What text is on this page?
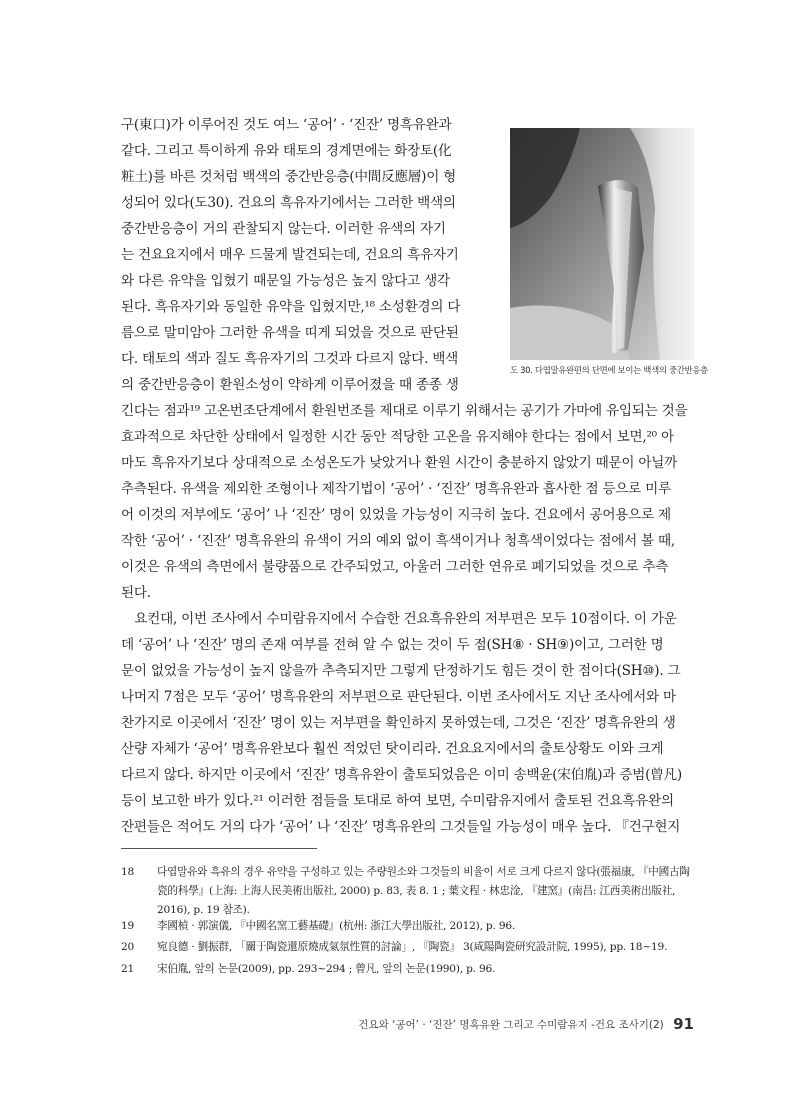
구(東口)가 이루어진 것도 여느 ‘공어’ · ‘진잔’ 명흑유완과
같다. 그리고 특이하게 유와 태토의 경계면에는 화장토(化
粧土)를 바른 것처럼 백색의 중간반응층(中間反應層)이 형
성되어 있다(도30). 건요의 흑유자기에서는 그러한 백색의
중간반응층이 거의 관찰되지 않는다. 이러한 유색의 자기
는 건요요지에서 매우 드물게 발견되는데, 건요의 흑유자기
와 다른 유약을 입혔기 때문일 가능성은 높지 않다고 생각
된다. 흑유자기와 동일한 유약을 입혔지만,¹⁸ 소성환경의 다
름으로 말미암아 그러한 유색을 띠게 되었을 것으로 판단된
다. 태토의 색과 질도 흑유자기의 그것과 다르지 않다. 백색
의 중간반응층이 환원소성이 약하게 이루어졌을 때 종종 생
긴다는 점과¹⁹ 고온번조단계에서 환원번조를 제대로 이루기 위해서는 공기가 가마에 유입되는 것을
효과적으로 차단한 상태에서 일정한 시간 동안 적당한 고온을 유지해야 한다는 점에서 보면,²⁰ 아
마도 흑유자기보다 상대적으로 소성온도가 낮았거나 환원 시간이 충분하지 않았기 때문이 아닐까
추측된다. 유색을 제외한 조형이나 제작기법이 ‘공어’ · ‘진잔’ 명흑유완과 흡사한 점 등으로 미루
어 이것의 저부에도 ‘공어’ 나 ‘진잔’ 명이 있었을 가능성이 지극히 높다. 건요에서 공어용으로 제
작한 ‘공어’ · ‘진잔’ 명흑유완의 유색이 거의 예외 없이 흑색이거나 청흑색이었다는 점에서 볼 때,
이것은 유색의 측면에서 불량품으로 간주되었고, 아울러 그러한 연유로 폐기되었을 것으로 추측
된다.
　요컨대, 이번 조사에서 수미람유지에서 수습한 건요흑유완의 저부편은 모두 10점이다. 이 가운
데 ‘공어’ 나 ‘진잔’ 명의 존재 여부를 전혀 알 수 없는 것이 두 점(SH⑧ · SH⑨)이고, 그러한 명
문이 없었을 가능성이 높지 않을까 추측되지만 그렇게 단정하기도 힘든 것이 한 점이다(SH⑩). 그
나머지 7점은 모두 ‘공어’ 명흑유완의 저부편으로 판단된다. 이번 조사에서도 지난 조사에서와 마
찬가지로 이곳에서 ‘진잔’ 명이 있는 저부편을 확인하지 못하였는데, 그것은 ‘진잔’ 명흑유완의 생
산량 자체가 ‘공어’ 명흑유완보다 훨씬 적었던 탓이리라. 건요요지에서의 출토상황도 이와 크게
다르지 않다. 하지만 이곳에서 ‘진잔’ 명흑유완이 출토되었음은 이미 송백윤(宋伯胤)과 증범(曾凡)
등이 보고한 바가 있다.²¹ 이러한 점들을 토대로 하여 보면, 수미람유지에서 출토된 건요흑유완의
잔편들은 적어도 거의 다가 ‘공어’ 나 ‘진잔’ 명흑유완의 그것들일 가능성이 매우 높다. 『건구현지
도 30. 다엽말유완편의 단면에 보이는 백색의 중간반응층
18	다엽말유와 흑유의 경우 유약을 구성하고 있는 주량원소와 그것들의 비율이 서로 크게 다르지 않다(張福康, 『中國古陶瓷的科學』(上海: 上海人民美術出版社, 2000) p. 83, 表 8. 1 ; 葉文程 · 林忠淦, 『建窯』(南昌: 江西美術出版社, 2016), p. 19 참조).
19	李國楨 · 郭演儀, 『中國名窯工藝基礎』(杭州: 浙江大學出版社, 2012), p. 96.
20	宛良德 · 劉振群, 「關于陶瓷還原燒成氣氛性質的討論」, 『陶瓷』 3(咸陽陶瓷研究設計院, 1995), pp. 18~19.
21	宋伯胤, 앞의 논문(2009), pp. 293~294 ; 曾凡, 앞의 논문(1990), p. 96.
건요와 ‘공어’ · ‘진잔’ 명흑유완 그리고 수미람유지 -건요 조사기(2) 91
